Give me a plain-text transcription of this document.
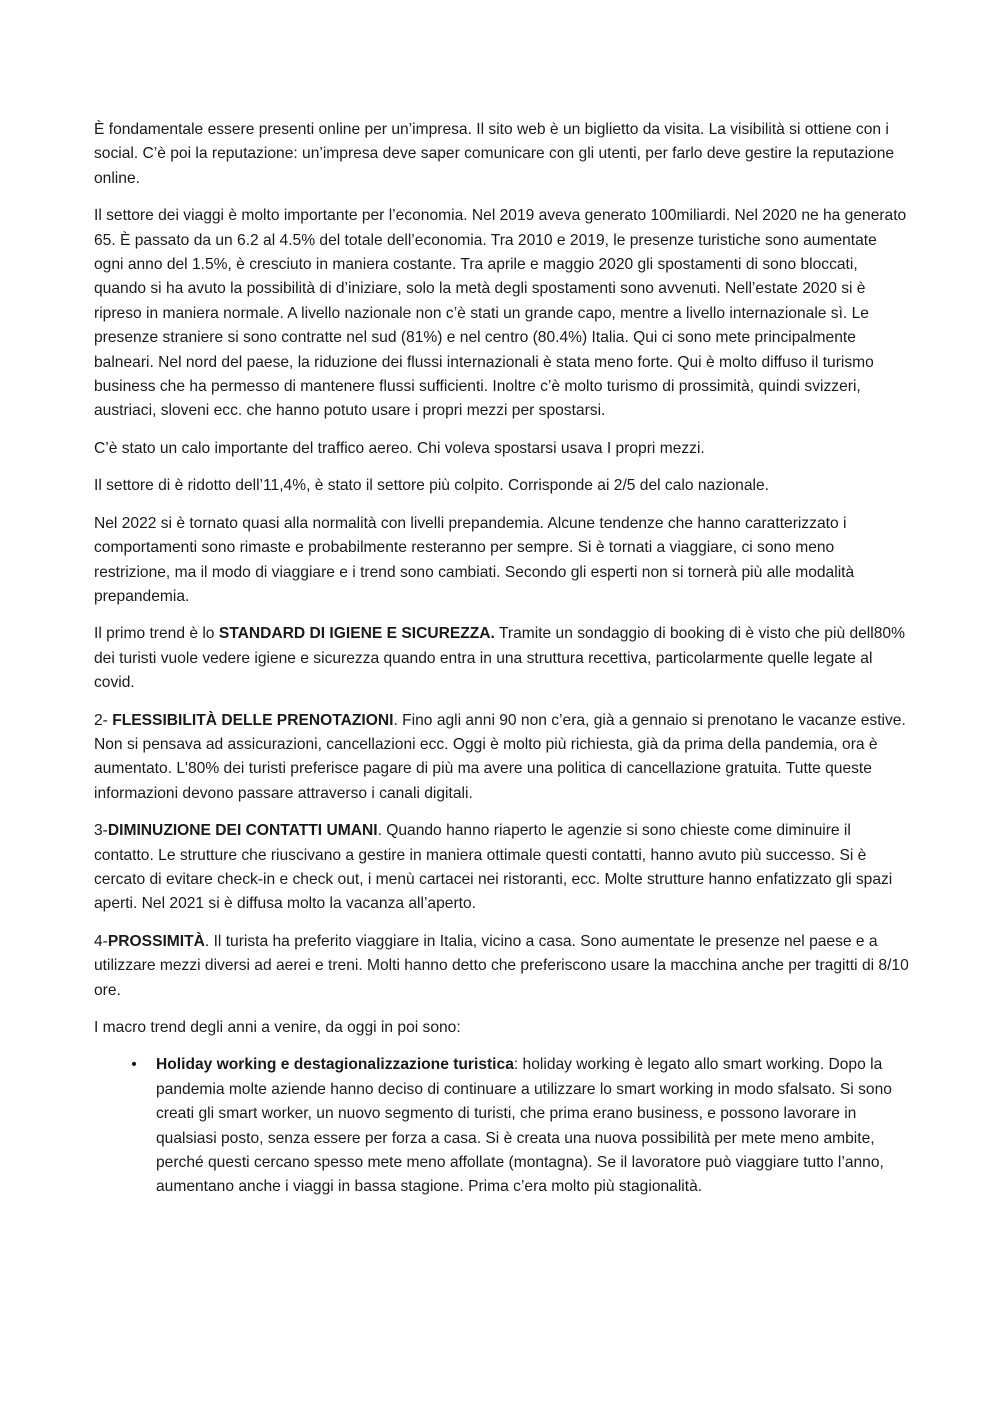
È fondamentale essere presenti online per un’impresa. Il sito web è un biglietto da visita. La visibilità si ottiene con i social. C’è poi la reputazione: un’impresa deve saper comunicare con gli utenti, per farlo deve gestire la reputazione online.

Il settore dei viaggi è molto importante per l’economia. Nel 2019 aveva generato 100miliardi. Nel 2020 ne ha generato 65. È passato da un 6.2 al 4.5% del totale dell’economia. Tra 2010 e 2019, le presenze turistiche sono aumentate ogni anno del 1.5%, è cresciuto in maniera costante. Tra aprile e maggio 2020 gli spostamenti di sono bloccati, quando si ha avuto la possibilità di d’iniziare, solo la metà degli spostamenti sono avvenuti. Nell’estate 2020 si è ripreso in maniera normale. A livello nazionale non c’è stati un grande capo, mentre a livello internazionale sì. Le presenze straniere si sono contratte nel sud (81%) e nel centro (80.4%) Italia. Qui ci sono mete principalmente balneari. Nel nord del paese, la riduzione dei flussi internazionali è stata meno forte. Qui è molto diffuso il turismo business che ha permesso di mantenere flussi sufficienti. Inoltre c’è molto turismo di prossimità, quindi svizzeri, austriaci, sloveni ecc. che hanno potuto usare i propri mezzi per spostarsi.

C’è stato un calo importante del traffico aereo. Chi voleva spostarsi usava I propri mezzi.

Il settore di è ridotto dell’11,4%, è stato il settore più colpito. Corrisponde ai 2/5 del calo nazionale.

Nel 2022 si è tornato quasi alla normalità con livelli prepandemia. Alcune tendenze che hanno caratterizzato i comportamenti sono rimaste e probabilmente resteranno per sempre. Si è tornati a viaggiare, ci sono meno restrizione, ma il modo di viaggiare e i trend sono cambiati. Secondo gli esperti non si tornerà più alle modalità prepandemia.

Il primo trend è lo STANDARD DI IGIENE E SICUREZZA. Tramite un sondaggio di booking di è visto che più dell80% dei turisti vuole vedere igiene e sicurezza quando entra in una struttura recettiva, particolarmente quelle legate al covid.

2- FLESSIBILITÀ DELLE PRENOTAZIONI. Fino agli anni 90 non c’era, già a gennaio si prenotano le vacanze estive. Non si pensava ad assicurazioni, cancellazioni ecc. Oggi è molto più richiesta, già da prima della pandemia, ora è aumentato. L'80% dei turisti preferisce pagare di più ma avere una politica di cancellazione gratuita. Tutte queste informazioni devono passare attraverso i canali digitali.

3-DIMINUZIONE DEI CONTATTI UMANI. Quando hanno riaperto le agenzie si sono chieste come diminuire il contatto. Le strutture che riuscivano a gestire in maniera ottimale questi contatti, hanno avuto più successo. Si è cercato di evitare check-in e check out, i menù cartacei nei ristoranti, ecc. Molte strutture hanno enfatizzato gli spazi aperti. Nel 2021 si è diffusa molto la vacanza all’aperto.

4-PROSSIMITÀ. Il turista ha preferito viaggiare in Italia, vicino a casa. Sono aumentate le presenze nel paese e a utilizzare mezzi diversi ad aerei e treni. Molti hanno detto che preferiscono usare la macchina anche per tragitti di 8/10 ore.

I macro trend degli anni a venire, da oggi in poi sono:

•	Holiday working e destagionalizzazione turistica: holiday working è legato allo smart working. Dopo la pandemia molte aziende hanno deciso di continuare a utilizzare lo smart working in modo sfalsato. Si sono creati gli smart worker, un nuovo segmento di turisti, che prima erano business, e possono lavorare in qualsiasi posto, senza essere per forza a casa. Si è creata una nuova possibilità per mete meno ambite, perché questi cercano spesso mete meno affollate (montagna). Se il lavoratore può viaggiare tutto l’anno, aumentano anche i viaggi in bassa stagione. Prima c’era molto più stagionalità.
